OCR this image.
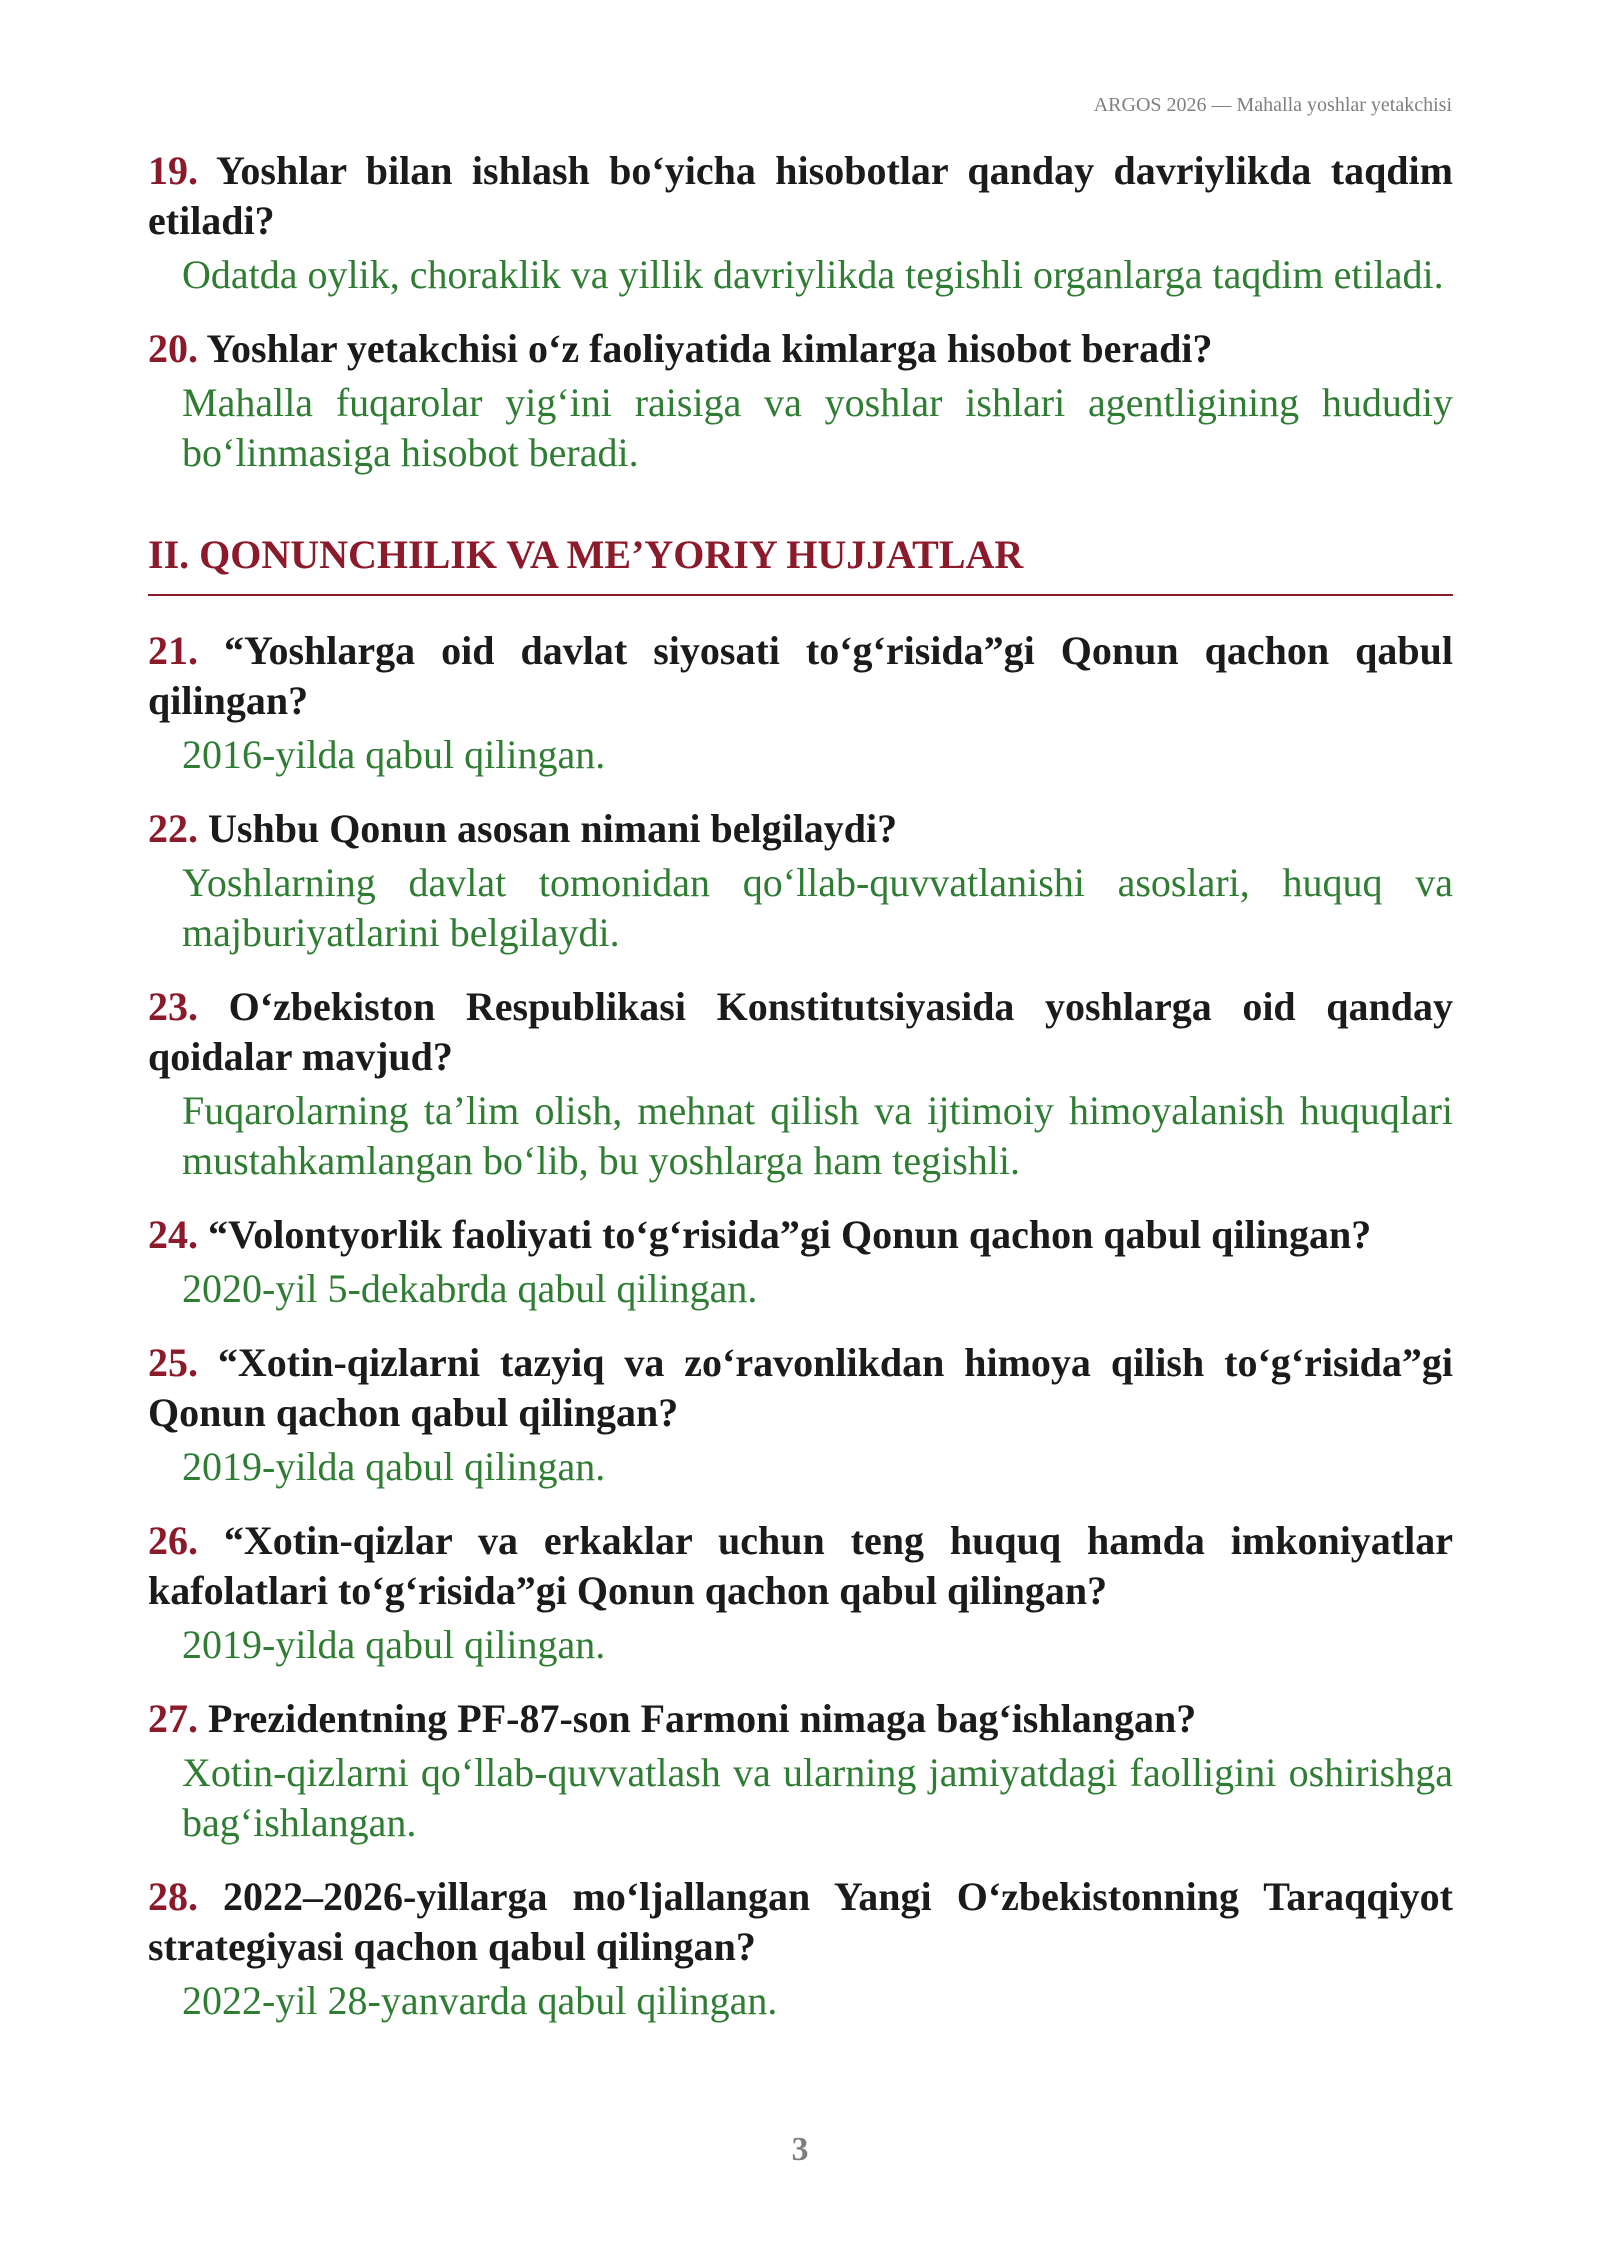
ARGOS 2026 — Mahalla yoshlar yetakchisi

19. Yoshlar bilan ishlash bo‘yicha hisobotlar qanday davriylikda taqdim etiladi?

Odatda oylik, choraklik va yillik davriylikda tegishli organlarga taqdim etiladi.

20. Yoshlar yetakchisi o‘z faoliyatida kimlarga hisobot beradi?

Mahalla fuqarolar yig‘ini raisiga va yoshlar ishlari agentligining hududiy bo‘linmasiga hisobot beradi.

II. QONUNCHILIK VA ME’YORIY HUJJATLAR

21. “Yoshlarga oid davlat siyosati to‘g‘risida”gi Qonun qachon qabul qilingan?

2016-yilda qabul qilingan.

22. Ushbu Qonun asosan nimani belgilaydi?

Yoshlarning davlat tomonidan qo‘llab-quvvatlanishi asoslari, huquq va majburiyatlarini belgilaydi.

23. O‘zbekiston Respublikasi Konstitutsiyasida yoshlarga oid qanday qoidalar mavjud?

Fuqarolarning ta’lim olish, mehnat qilish va ijtimoiy himoyalanish huquqlari mustahkamlangan bo‘lib, bu yoshlarga ham tegishli.

24. “Volontyorlik faoliyati to‘g‘risida”gi Qonun qachon qabul qilingan?

2020-yil 5-dekabrda qabul qilingan.

25. “Xotin-qizlarni tazyiq va zo‘ravonlikdan himoya qilish to‘g‘risida”gi Qonun qachon qabul qilingan?

2019-yilda qabul qilingan.

26. “Xotin-qizlar va erkaklar uchun teng huquq hamda imkoniyatlar kafolatlari to‘g‘risida”gi Qonun qachon qabul qilingan?

2019-yilda qabul qilingan.

27. Prezidentning PF-87-son Farmoni nimaga bag‘ishlangan?

Xotin-qizlarni qo‘llab-quvvatlash va ularning jamiyatdagi faolligini oshirishga bag‘ishlangan.

28. 2022–2026-yillarga mo‘ljallangan Yangi O‘zbekistonning Taraqqiyot strategiyasi qachon qabul qilingan?

2022-yil 28-yanvarda qabul qilingan.

3
